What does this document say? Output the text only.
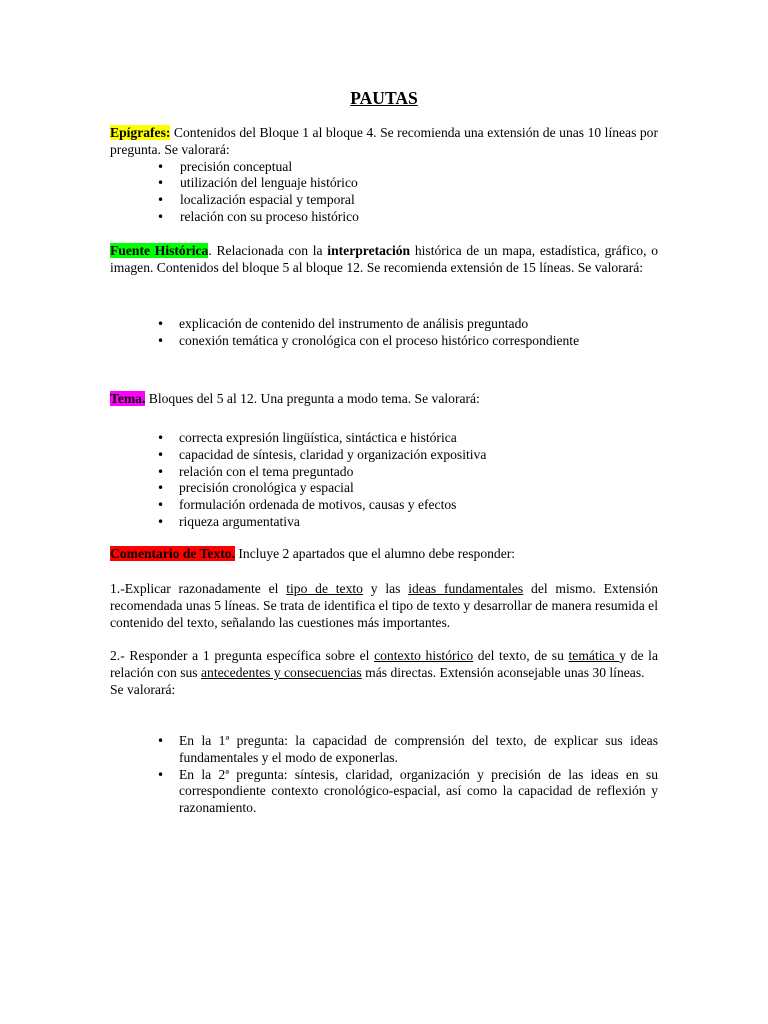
PAUTAS

Epígrafes: Contenidos del Bloque 1 al bloque 4. Se recomienda una extensión de unas 10 líneas por pregunta. Se valorará:

• precisión conceptual
• utilización del lenguaje histórico
• localización espacial y temporal
• relación con su proceso histórico

Fuente Histórica. Relacionada con la interpretación histórica de un mapa, estadística, gráfico, o imagen. Contenidos del bloque 5 al bloque 12. Se recomienda extensión de 15 líneas. Se valorará:

• explicación de contenido del instrumento de análisis preguntado
• conexión temática y cronológica con el proceso histórico correspondiente

Tema. Bloques del 5 al 12. Una pregunta a modo tema. Se valorará:

• correcta expresión lingüística, sintáctica e histórica
• capacidad de síntesis, claridad y organización expositiva
• relación con el tema preguntado
• precisión cronológica y espacial
• formulación ordenada de motivos, causas y efectos
• riqueza argumentativa

Comentario de Texto. Incluye 2 apartados que el alumno debe responder:

1.-Explicar razonadamente el tipo de texto y las ideas fundamentales del mismo. Extensión recomendada unas 5 líneas. Se trata de identifica el tipo de texto y desarrollar de manera resumida el contenido del texto, señalando las cuestiones más importantes.

2.- Responder a 1 pregunta específica sobre el contexto histórico del texto, de su temática y de la relación con sus antecedentes y consecuencias más directas. Extensión aconsejable unas 30 líneas.

Se valorará:

• En la 1ª pregunta: la capacidad de comprensión del texto, de explicar sus ideas fundamentales y el modo de exponerlas.
• En la 2ª pregunta: síntesis, claridad, organización y precisión de las ideas en su correspondiente contexto cronológico-espacial, así como la capacidad de reflexión y razonamiento.
